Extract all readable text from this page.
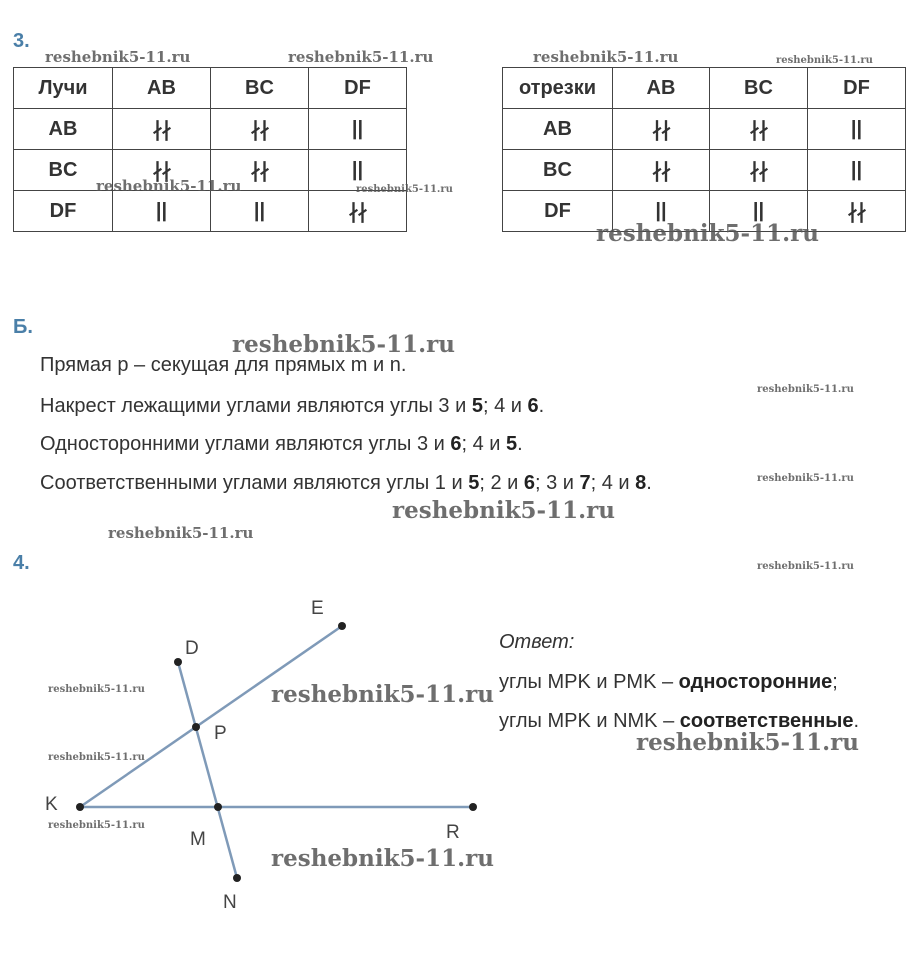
3.
Лучи	AB	BC	DF
AB	∤∤	∤∤	||
BC	∤∤	∤∤	||
DF	||	||	∤∤
отрезки	AB	BC	DF
AB	∤∤	∤∤	||
BC	∤∤	∤∤	||
DF	||	||	∤∤
Б.
Прямая p – секущая для прямых m и n.
Накрест лежащими углами являются углы 3 и 5; 4 и 6.
Односторонними углами являются углы 3 и 6; 4 и 5.
Соответственными углами являются углы 1 и 5; 2 и 6; 3 и 7; 4 и 8.
4.
E
D
P
K
M	R
N
Ответ:
углы MPK и PMK – односторонние;
углы MPK и NMK – соответственные.
reshebnik5-11.ru	reshebnik5-11.ru	reshebnik5-11.ru	reshebnik5-11.ru
reshebnik5-11.ru	reshebnik5-11.ru
reshebnik5-11.ru
reshebnik5-11.ru
reshebnik5-11.ru
reshebnik5-11.ru
reshebnik5-11.ru
reshebnik5-11.ru
reshebnik5-11.ru
reshebnik5-11.ru	reshebnik5-11.ru
reshebnik5-11.ru
reshebnik5-11.ru
reshebnik5-11.ru
reshebnik5-11.ru
